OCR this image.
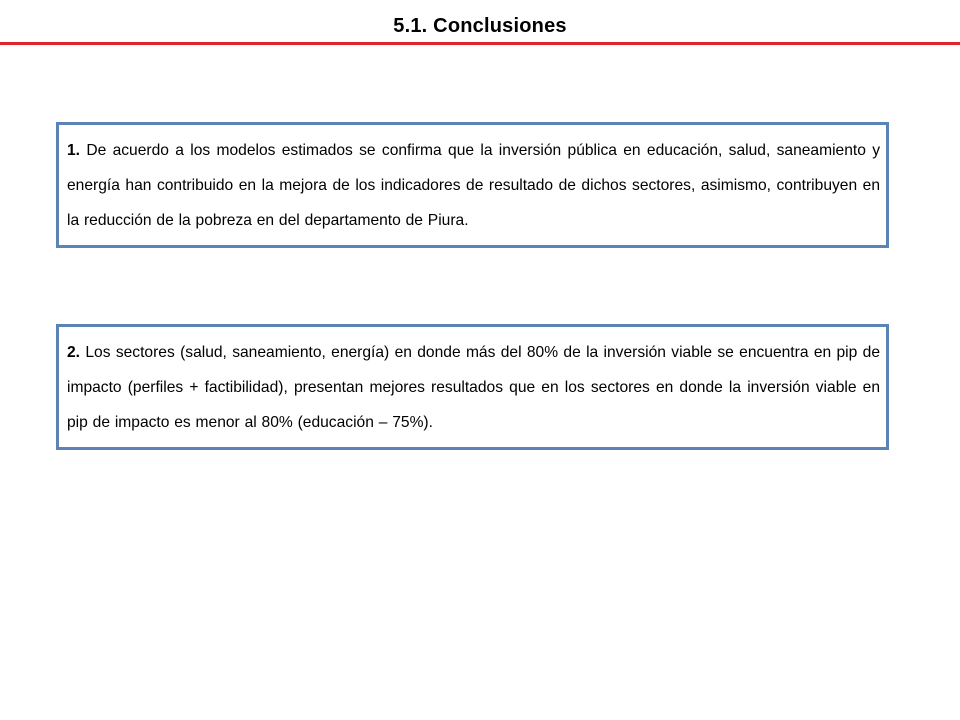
5.1. Conclusiones

1. De acuerdo a los modelos estimados se confirma que la inversión pública en educación, salud, saneamiento y energía han contribuido en la mejora de los indicadores de resultado de dichos sectores, asimismo, contribuyen en la reducción de la pobreza en del departamento de Piura.

2. Los sectores (salud, saneamiento, energía) en donde más del 80% de la inversión viable se encuentra en pip de impacto (perfiles + factibilidad), presentan mejores resultados que en los sectores en donde la inversión viable en pip de impacto es menor al 80% (educación – 75%).
